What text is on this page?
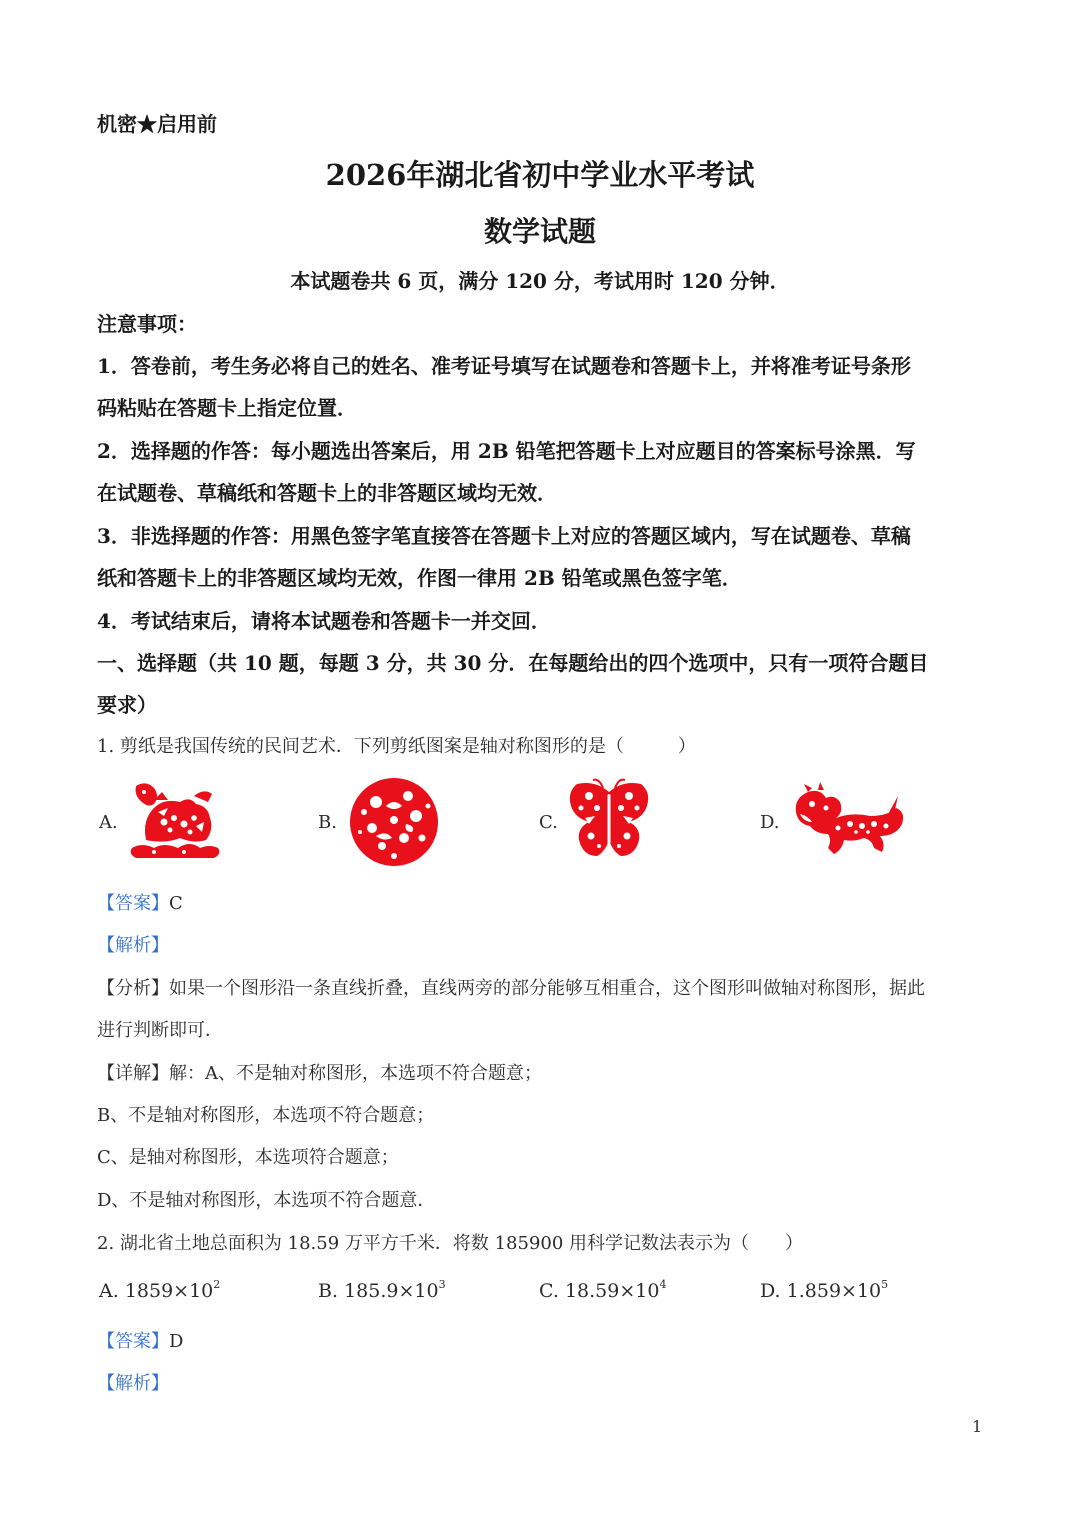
机密★启用前
2026年湖北省初中学业水平考试
数学试题
本试题卷共 6 页，满分 120 分，考试用时 120 分钟．
注意事项：
1．答卷前，考生务必将自己的姓名、准考证号填写在试题卷和答题卡上，并将准考证号条形
码粘贴在答题卡上指定位置．
2．选择题的作答：每小题选出答案后，用 2B 铅笔把答题卡上对应题目的答案标号涂黑．写
在试题卷、草稿纸和答题卡上的非答题区域均无效．
3．非选择题的作答：用黑色签字笔直接答在答题卡上对应的答题区域内，写在试题卷、草稿
纸和答题卡上的非答题区域均无效，作图一律用 2B 铅笔或黑色签字笔．
4．考试结束后，请将本试题卷和答题卡一并交回．
一、选择题（共 10 题，每题 3 分，共 30 分．在每题给出的四个选项中，只有一项符合题目
要求）
1. 剪纸是我国传统的民间艺术．下列剪纸图案是轴对称图形的是（　　　）
A.	B.	C.	D.
【答案】C
【解析】
【分析】如果一个图形沿一条直线折叠，直线两旁的部分能够互相重合，这个图形叫做轴对称图形，据此
进行判断即可．
【详解】解：A、不是轴对称图形，本选项不符合题意；
B、不是轴对称图形，本选项不符合题意；
C、是轴对称图形，本选项符合题意；
D、不是轴对称图形，本选项不符合题意．
2. 湖北省土地总面积为 18.59 万平方千米．将数 185900 用科学记数法表示为（　　）
A. $1859\times 10^2$	B. $185.9\times 10^3$	C. $18.59\times 10^4$	D. $1.859\times 10^5$
【答案】D
【解析】
1
